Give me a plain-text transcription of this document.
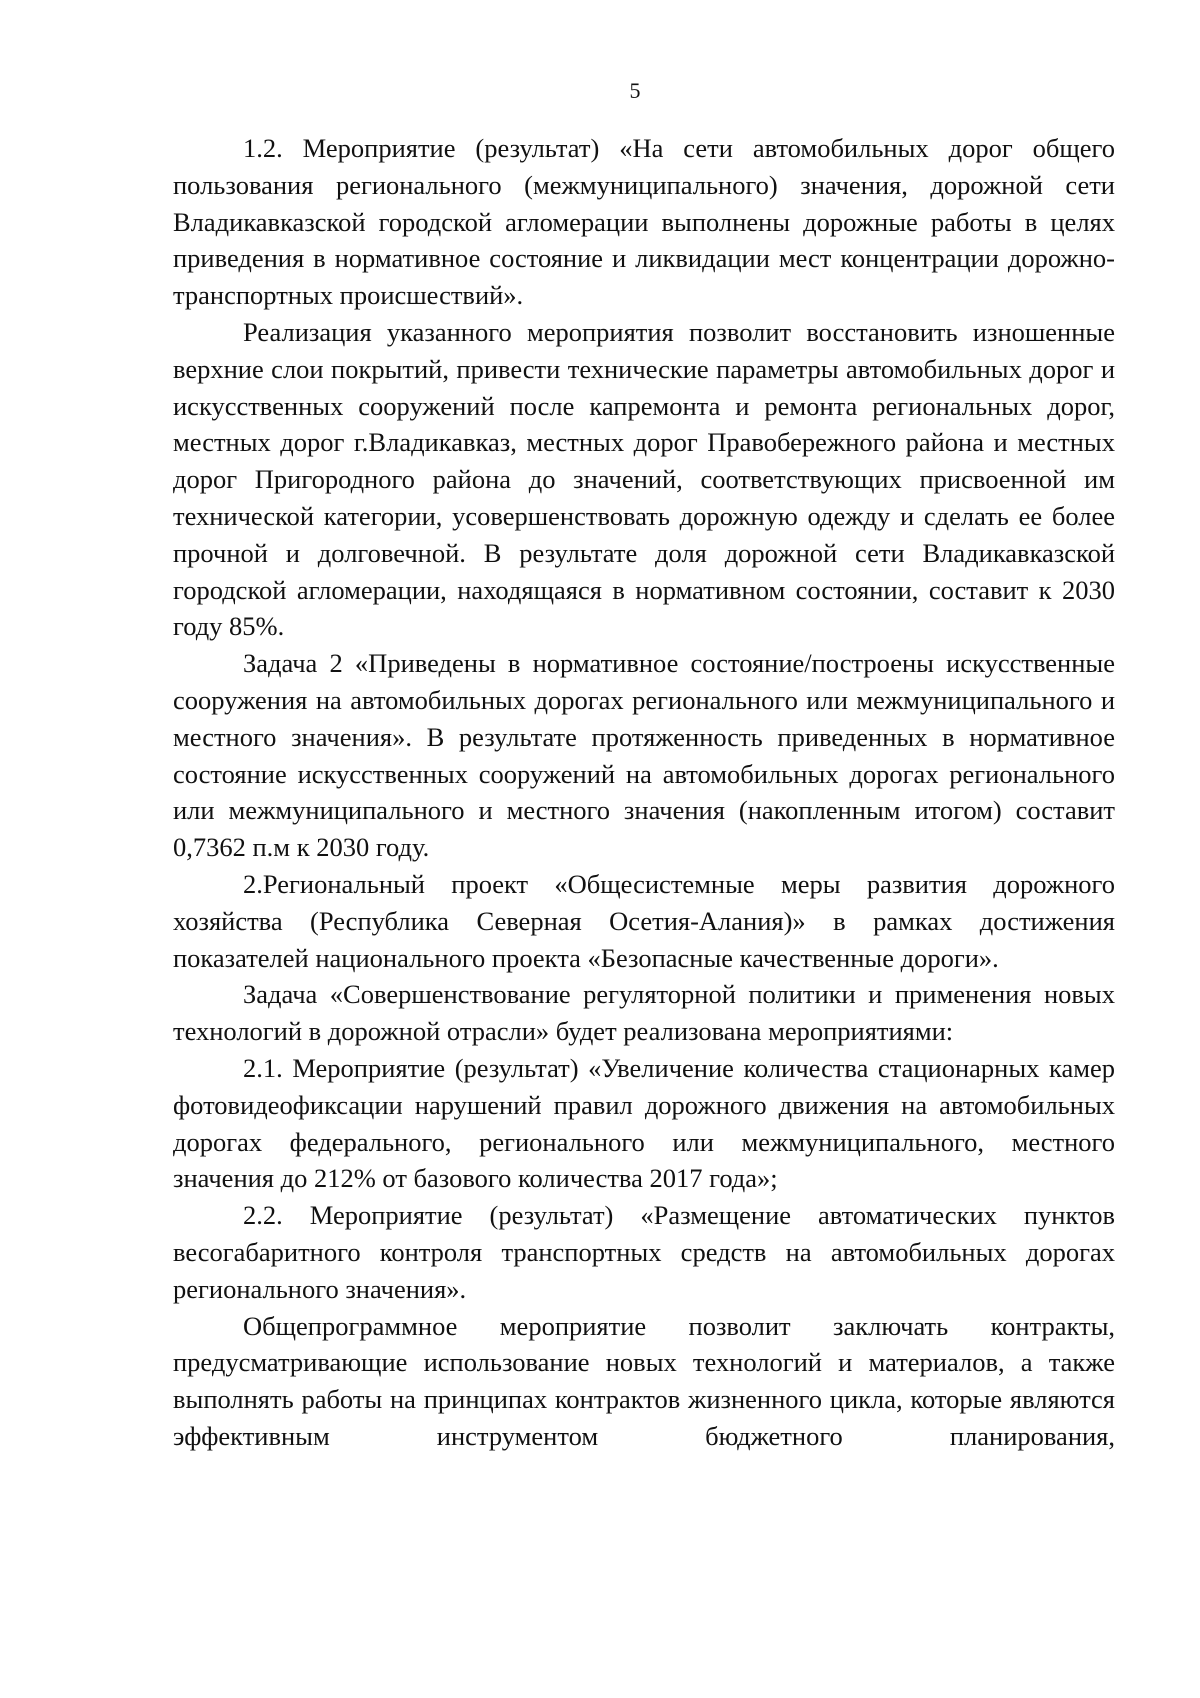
5

1.2. Мероприятие (результат) «На сети автомобильных дорог общего пользования регионального (межмуниципального) значения, дорожной сети Владикавказской городской агломерации выполнены дорожные работы в целях приведения в нормативное состояние и ликвидации мест концентрации дорожно-транспортных происшествий».

Реализация указанного мероприятия позволит восстановить изношенные верхние слои покрытий, привести технические параметры автомобильных дорог и искусственных сооружений после капремонта и ремонта региональных дорог, местных дорог г.Владикавказ, местных дорог Правобережного района и местных дорог Пригородного района до значений, соответствующих присвоенной им технической категории, усовершенствовать дорожную одежду и сделать ее более прочной и долговечной. В результате доля дорожной сети Владикавказской городской агломерации, находящаяся в нормативном состоянии, составит к 2030 году 85%.

Задача 2 «Приведены в нормативное состояние/построены искусственные сооружения на автомобильных дорогах регионального или межмуниципального и местного значения». В результате протяженность приведенных в нормативное состояние искусственных сооружений на автомобильных дорогах регионального или межмуниципального и местного значения (накопленным итогом) составит 0,7362 п.м к 2030 году.

2.Региональный проект «Общесистемные меры развития дорожного хозяйства (Республика Северная Осетия-Алания)» в рамках достижения показателей национального проекта «Безопасные качественные дороги».

Задача «Совершенствование регуляторной политики и применения новых технологий в дорожной отрасли» будет реализована мероприятиями:

2.1. Мероприятие (результат) «Увеличение количества стационарных камер фотовидеофиксации нарушений правил дорожного движения на автомобильных дорогах федерального, регионального или межмуниципального, местного значения до 212% от базового количества 2017 года»;

2.2. Мероприятие (результат) «Размещение автоматических пунктов весогабаритного контроля транспортных средств на автомобильных дорогах регионального значения».

Общепрограммное мероприятие позволит заключать контракты, предусматривающие использование новых технологий и материалов, а также выполнять работы на принципах контрактов жизненного цикла, которые являются эффективным инструментом бюджетного планирования,
